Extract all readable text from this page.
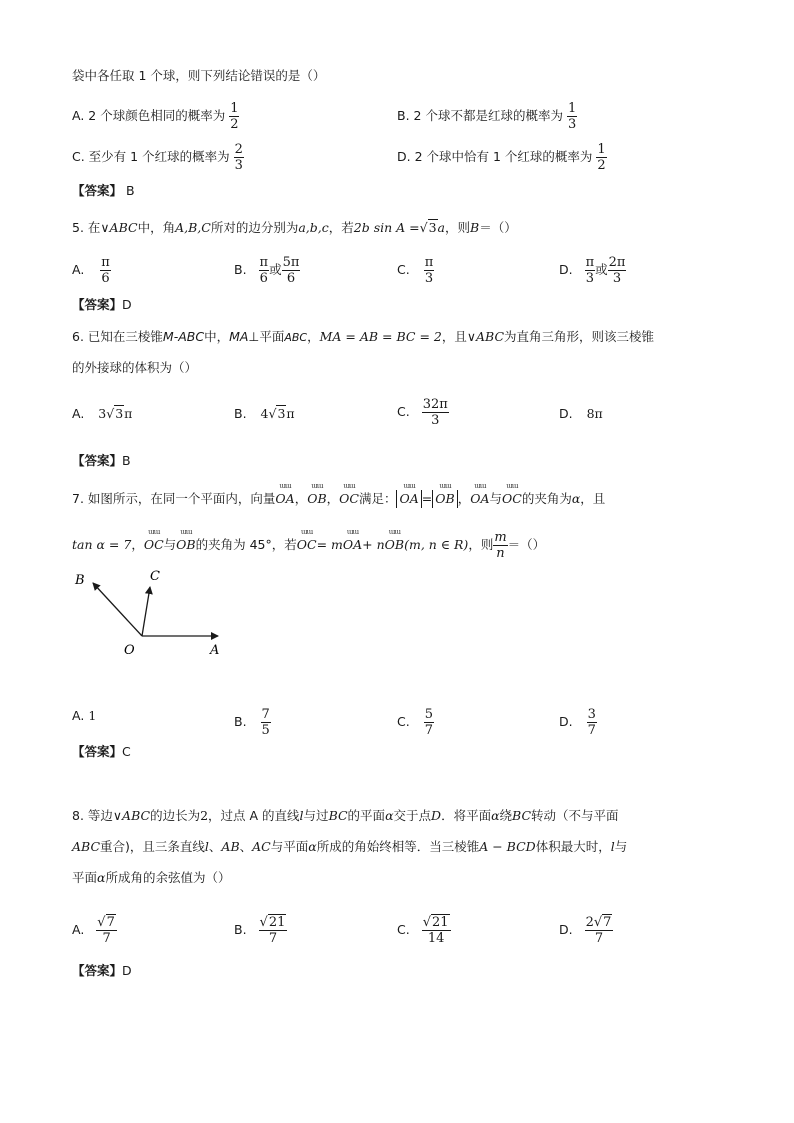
袋中各任取 1 个球，则下列结论错误的是（）
A. 2 个球颜色相同的概率为 $\frac{1}{2}$	B. 2 个球不都是红球的概率为 $\frac{1}{3}$
C. 至少有 1 个红球的概率为 $\frac{2}{3}$	D. 2 个球中恰有 1 个红球的概率为 $\frac{1}{2}$
【答案】 B
5. 在∨ABC中，角A,B,C所对的边分别为a,b,c，若2b sin A =√3a，则B＝（）
A. $\frac{\pi}{6}$	B. $\frac{\pi}{6}$ 或 $\frac{5\pi}{6}$	C. $\frac{\pi}{3}$	D. $\frac{\pi}{3}$ 或 $\frac{2\pi}{3}$
【答案】D
6. 已知在三棱锥M-ABC中，MA⊥平面ABC，MA = AB = BC = 2，且∨ABC为直角三角形，则该三棱锥
的外接球的体积为（）
A. 3√3π	B. 4√3π	C. $\frac{32\pi}{3}$	D. 8π
【答案】B
7. 如图所示，在同一个平面内，向量
ɯɯ
OA，
ɯɯ
OB，
ɯɯ
OC满足：
ɯɯ
OA =
ɯɯ
OB ，
ɯɯ
OA与
ɯɯ
OC的夹角为α，且
tan α = 7，
ɯɯ
OC与
ɯɯ
OB的夹角为 45°，若
ɯɯ
OC= m
ɯɯ
OA+ n
ɯɯ
OB(m, n ∈ R)，则 $\frac{m}{n}$ ＝（）
B	C
O	A
A. 1	B. $\frac{7}{5}$	C. $\frac{5}{7}$	D. $\frac{3}{7}$
【答案】C
8. 等边∨ABC的边长为2，过点 A 的直线l与过BC的平面α交于点D．将平面α绕BC转动（不与平面
ABC重合)，且三条直线l、AB、AC与平面α所成的角始终相等．当三棱锥A − BCD体积最大时，l与
平面α所成角的余弦值为（）
A. $\frac{√7}{7}$	B. $\frac{√21}{7}$	C. $\frac{√21}{14}$	D. $\frac{2√7}{7}$
【答案】D
